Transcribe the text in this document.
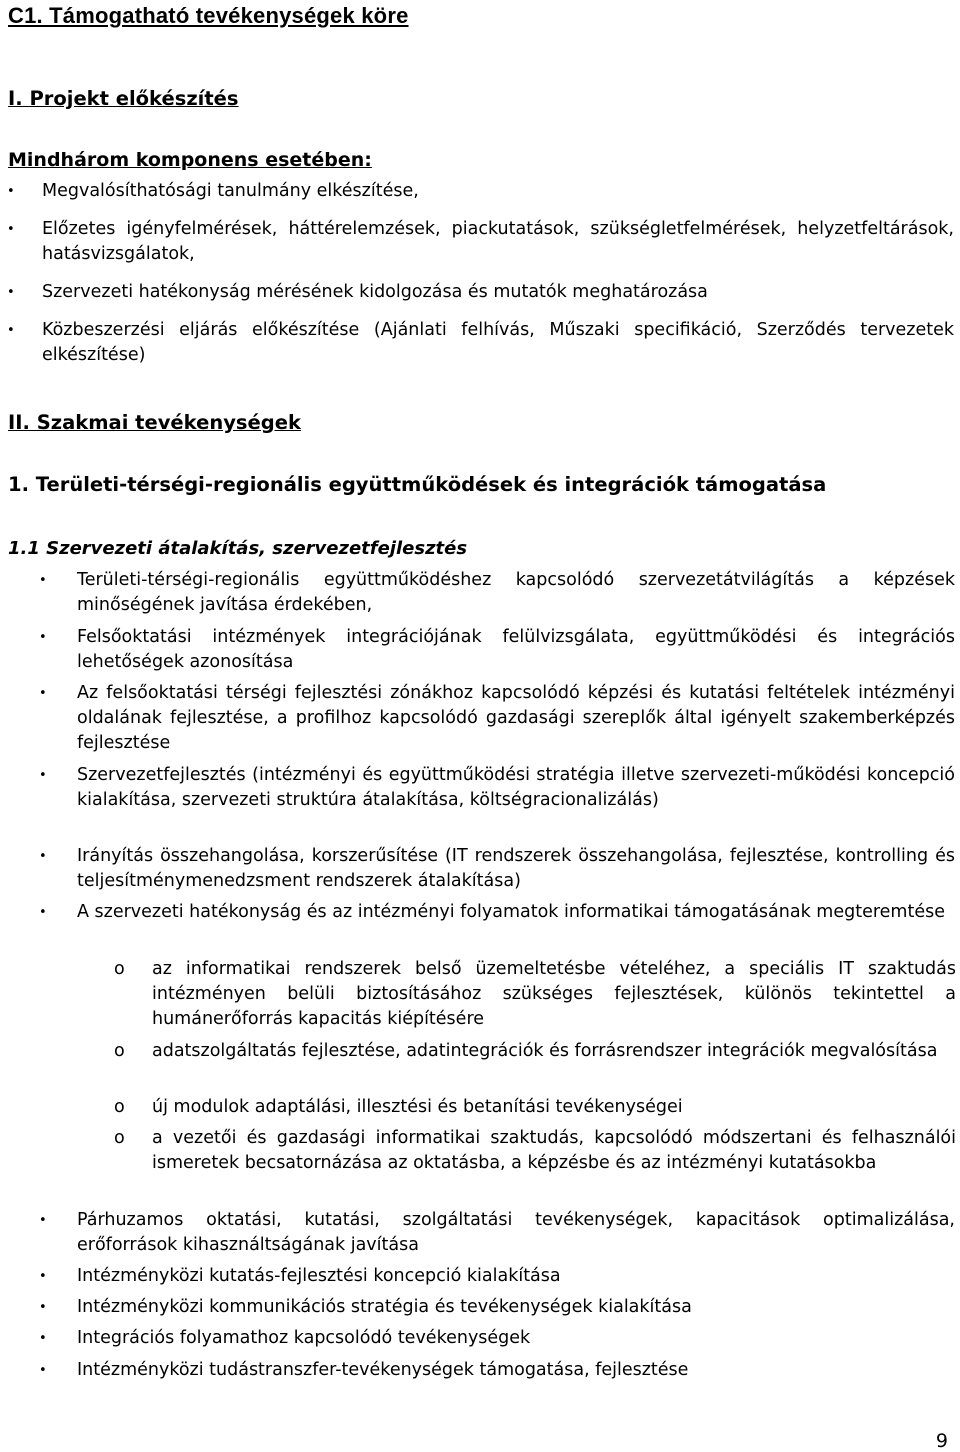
C1. Támogatható tevékenységek köre
I. Projekt előkészítés
Mindhárom komponens esetében:
• Megvalósíthatósági tanulmány elkészítése,
• Előzetes igényfelmérések, háttérelemzések, piackutatások, szükségletfelmérések, helyzetfeltárások, hatásvizsgálatok,
• Szervezeti hatékonyság mérésének kidolgozása és mutatók meghatározása
• Közbeszerzési eljárás előkészítése (Ajánlati felhívás, Műszaki specifikáció, Szerződés tervezetek elkészítése)
II. Szakmai tevékenységek
1. Területi-térségi-regionális együttműködések és integrációk támogatása
1.1 Szervezeti átalakítás, szervezetfejlesztés
• Területi-térségi-regionális együttműködéshez kapcsolódó szervezetátvilágítás a képzések minőségének javítása érdekében,
• Felsőoktatási intézmények integrációjának felülvizsgálata, együttműködési és integrációs lehetőségek azonosítása
• Az felsőoktatási térségi fejlesztési zónákhoz kapcsolódó képzési és kutatási feltételek intézményi oldalának fejlesztése, a profilhoz kapcsolódó gazdasági szereplők által igényelt szakemberképzés fejlesztése
• Szervezetfejlesztés (intézményi és együttműködési stratégia illetve szervezeti-működési koncepció kialakítása, szervezeti struktúra átalakítása, költségracionalizálás)
• Irányítás összehangolása, korszerűsítése (IT rendszerek összehangolása, fejlesztése, kontrolling és teljesítménymenedzsment rendszerek átalakítása)
• A szervezeti hatékonyság és az intézményi folyamatok informatikai támogatásának megteremtése
o az informatikai rendszerek belső üzemeltetésbe vételéhez, a speciális IT szaktudás intézményen belüli biztosításához szükséges fejlesztések, különös tekintettel a humánerőforrás kapacitás kiépítésére
o adatszolgáltatás fejlesztése, adatintegrációk és forrásrendszer integrációk megvalósítása
o új modulok adaptálási, illesztési és betanítási tevékenységei
o a vezetői és gazdasági informatikai szaktudás, kapcsolódó módszertani és felhasználói ismeretek becsatornázása az oktatásba, a képzésbe és az intézményi kutatásokba
• Párhuzamos oktatási, kutatási, szolgáltatási tevékenységek, kapacitások optimalizálása, erőforrások kihasználtságának javítása
• Intézményközi kutatás-fejlesztési koncepció kialakítása
• Intézményközi kommunikációs stratégia és tevékenységek kialakítása
• Integrációs folyamathoz kapcsolódó tevékenységek
• Intézményközi tudástranszfer-tevékenységek támogatása, fejlesztése
9
